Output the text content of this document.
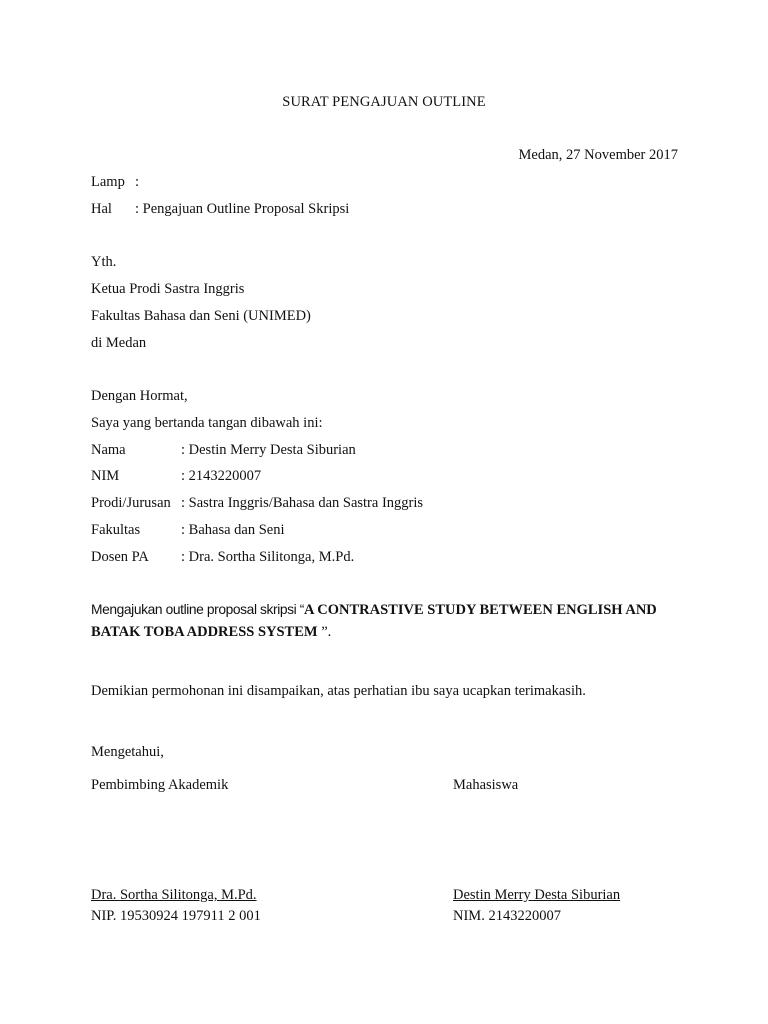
SURAT PENGAJUAN OUTLINE
Medan, 27 November 2017
Lamp :
Hal : Pengajuan Outline Proposal Skripsi
Yth.
Ketua Prodi Sastra Inggris
Fakultas Bahasa dan Seni (UNIMED)
di Medan
Dengan Hormat,
Saya yang bertanda tangan dibawah ini:
Nama	: Destin Merry Desta Siburian
NIM	: 2143220007
Prodi/Jurusan : Sastra Inggris/Bahasa dan Sastra Inggris
Fakultas	: Bahasa dan Seni
Dosen PA : Dra. Sortha Silitonga, M.Pd.
Mengajukan outline proposal skripsi “A CONTRASTIVE STUDY BETWEEN ENGLISH AND BATAK TOBA ADDRESS SYSTEM ”.
Demikian permohonan ini disampaikan, atas perhatian ibu saya ucapkan terimakasih.
Mengetahui,
Pembimbing Akademik	Mahasiswa
Dra. Sortha Silitonga, M.Pd.	Destin Merry Desta Siburian
NIP. 19530924 197911 2 001	NIM. 2143220007
